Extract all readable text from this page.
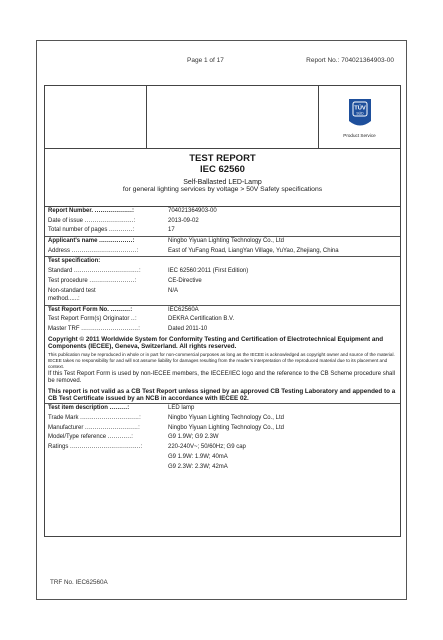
Page 1 of 17	Report No.: 704021364903-00
TÜV
SÜD
Product Service
TEST REPORT
IEC 62560
Self-Ballasted LED-Lamp
for general lighting services by voltage > 50V Safety specifications
Report Number. ...................:	704021364903-00
Date of issue .........................:	2013-09-02
Total number of pages ............:	17
Applicant's name .................:	Ningbo Yiyuan Lighting Technology Co., Ltd
Address .................................:	East of YuFang Road, LiangYan Village, YuYao, Zhejiang, China
Test specification:
Standard .................................:	IEC 62560:2011 (First Edition)
Test procedure .......................:	CE-Directive
Non-standard test
method......:
N/A
Test Report Form No. ..........:	IEC62560A
Test Report Form(s) Originator ..:	DEKRA Certification B.V.
Master TRF .............................:	Dated 2011-10
Copyright © 2011 Worldwide System for Conformity Testing and Certification of Electrotechnical Equipment and Components (IECEE), Geneva, Switzerland. All rights reserved.
This publication may be reproduced in whole or in part for non-commercial purposes as long as the IECEE is acknowledged as copyright owner and source of the material. IECEE takes no responsibility for and will not assume liability for damages resulting from the reader's interpretation of the reproduced material due to its placement and context.
If this Test Report Form is used by non-IECEE members, the IECEE/IEC logo and the reference to the CB Scheme procedure shall be removed.
This report is not valid as a CB Test Report unless signed by an approved CB Testing Laboratory and appended to a CB Test Certificate issued by an NCB in accordance with IECEE 02.
Test item description .........:	LED lamp
Trade Mark ..............................:	Ningbo Yiyuan Lighting Technology Co., Ltd
Manufacturer ...........................:	Ningbo Yiyuan Lighting Technology Co., Ltd
Model/Type reference ............:	G9 1.9W; G9 2.3W
Ratings ....................................:	220-240V~; 50/60Hz; G9 cap
G9 1.9W: 1.9W; 40mA
G9 2.3W: 2.3W; 42mA
TRF No. IEC62560A
